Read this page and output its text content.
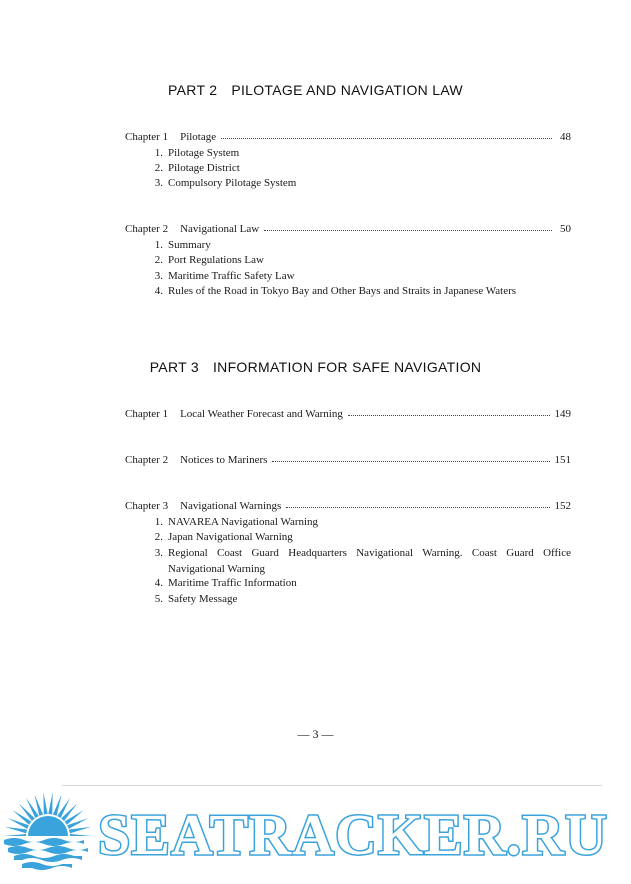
PART 2 PILOTAGE AND NAVIGATION LAW
Chapter 1 Pilotage	48
1. Pilotage System
2. Pilotage District
3. Compulsory Pilotage System
Chapter 2 Navigational Law	50
1. Summary
2. Port Regulations Law
3. Maritime Traffic Safety Law
4. Rules of the Road in Tokyo Bay and Other Bays and Straits in Japanese Waters
PART 3 INFORMATION FOR SAFE NAVIGATION
Chapter 1 Local Weather Forecast and Warning	149
Chapter 2 Notices to Mariners	151
Chapter 3 Navigational Warnings	152
1. NAVAREA Navigational Warning
2. Japan Navigational Warning
3. Regional Coast Guard Headquarters Navigational Warning. Coast Guard Office
Navigational Warning
4. Maritime Traffic Information
5. Safety Message
— 3 —
SEATRACKER.RU
